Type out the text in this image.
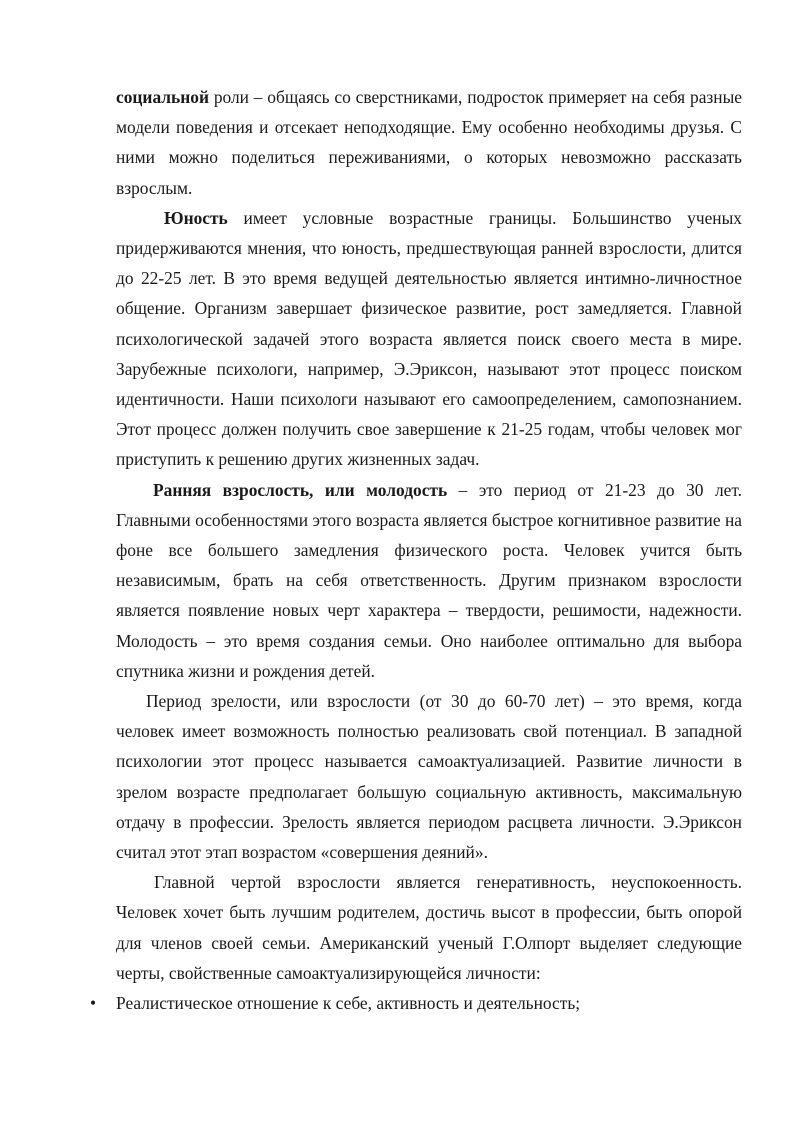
социальной роли – общаясь со сверстниками, подросток примеряет на себя разные модели поведения и отсекает неподходящие. Ему особенно необходимы друзья. С ними можно поделиться переживаниями, о которых невозможно рассказать взрослым.

Юность имеет условные возрастные границы. Большинство ученых придерживаются мнения, что юность, предшествующая ранней взрослости, длится до 22-25 лет. В это время ведущей деятельностью является интимно-личностное общение. Организм завершает физическое развитие, рост замедляется. Главной психологической задачей этого возраста является поиск своего места в мире. Зарубежные психологи, например, Э.Эриксон, называют этот процесс поиском идентичности. Наши психологи называют его самоопределением, самопознанием. Этот процесс должен получить свое завершение к 21-25 годам, чтобы человек мог приступить к решению других жизненных задач.

Ранняя взрослость, или молодость – это период от 21-23 до 30 лет. Главными особенностями этого возраста является быстрое когнитивное развитие на фоне все большего замедления физического роста. Человек учится быть независимым, брать на себя ответственность. Другим признаком взрослости является появление новых черт характера – твердости, решимости, надежности. Молодость – это время создания семьи. Оно наиболее оптимально для выбора спутника жизни и рождения детей.

Период зрелости, или взрослости (от 30 до 60-70 лет) – это время, когда человек имеет возможность полностью реализовать свой потенциал. В западной психологии этот процесс называется самоактуализацией. Развитие личности в зрелом возрасте предполагает большую социальную активность, максимальную отдачу в профессии. Зрелость является периодом расцвета личности. Э.Эриксон считал этот этап возрастом «совершения деяний».

Главной чертой взрослости является генеративность, неуспокоенность. Человек хочет быть лучшим родителем, достичь высот в профессии, быть опорой для членов своей семьи. Американский ученый Г.Олпорт выделяет следующие черты, свойственные самоактуализирующейся личности:

• Реалистическое отношение к себе, активность и деятельность;
